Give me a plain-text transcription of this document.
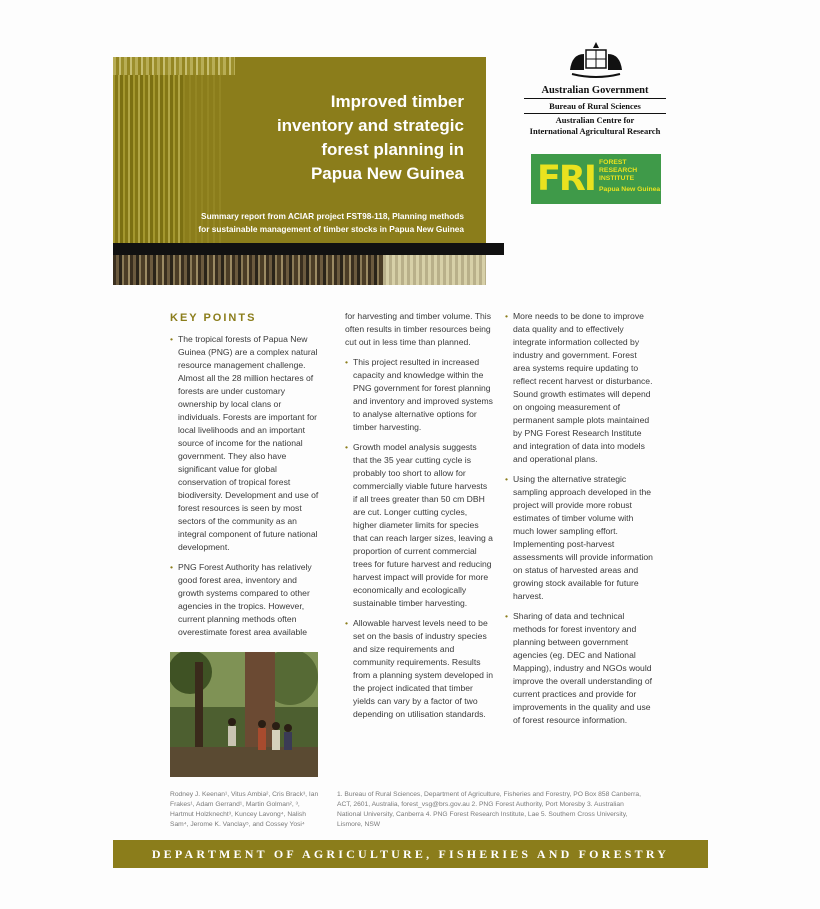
Improved timber
inventory and strategic
forest planning in
Papua New Guinea
Summary report from ACIAR project FST98-118, Planning methods
for sustainable management of timber stocks in Papua New Guinea
Australian Government
Bureau of Rural Sciences
Australian Centre for
International Agricultural Research
FRI FOREST
RESEARCH
INSTITUTE
Papua New Guinea
KEY POINTS
• The tropical forests of Papua New Guinea (PNG) are a complex natural resource management challenge. Almost all the 28 million hectares of forests are under customary ownership by local clans or individuals. Forests are important for local livelihoods and an important source of income for the national government. They also have significant value for global conservation of tropical forest biodiversity. Development and use of forest resources is seen by most sectors of the community as an integral component of future national development.
• PNG Forest Authority has relatively good forest area, inventory and growth systems compared to other agencies in the tropics. However, current planning methods often overestimate forest area available
for harvesting and timber volume. This often results in timber resources being cut out in less time than planned.
• This project resulted in increased capacity and knowledge within the PNG government for forest planning and inventory and improved systems to analyse alternative options for timber harvesting.
• Growth model analysis suggests that the 35 year cutting cycle is probably too short to allow for commercially viable future harvests if all trees greater than 50 cm DBH are cut. Longer cutting cycles, higher diameter limits for species that can reach larger sizes, leaving a proportion of current commercial trees for future harvest and reducing harvest impact will provide for more economically and ecologically sustainable timber harvesting.
• Allowable harvest levels need to be set on the basis of industry species and size requirements and community requirements. Results from a planning system developed in the project indicated that timber yields can vary by a factor of two depending on utilisation standards.
• More needs to be done to improve data quality and to effectively integrate information collected by industry and government. Forest area systems require updating to reflect recent harvest or disturbance. Sound growth estimates will depend on ongoing measurement of permanent sample plots maintained by PNG Forest Research Institute and integration of data into models and operational plans.
• Using the alternative strategic sampling approach developed in the project will provide more robust estimates of timber volume with much lower sampling effort. Implementing post-harvest assessments will provide information on status of harvested areas and growing stock available for future harvest.
• Sharing of data and technical methods for forest inventory and planning between government agencies (eg. DEC and National Mapping), industry and NGOs would improve the overall understanding of current practices and provide for improvements in the quality and use of forest resource information.
Rodney J. Keenan¹, Vitus Ambia², Cris Brack³, Ian Frakes¹, Adam Gerrand¹, Martin Golman², ³, Hartmut Holzknecht³, Kuncey Lavong⁴, Nalish Sam⁴, Jerome K. Vanclay⁵, and Cossey Yosi⁴
1. Bureau of Rural Sciences, Department of Agriculture, Fisheries and Forestry, PO Box 858 Canberra, ACT, 2601, Australia, forest_vsg@brs.gov.au 2. PNG Forest Authority, Port Moresby 3. Australian National University, Canberra 4. PNG Forest Research Institute, Lae 5. Southern Cross University, Lismore, NSW
DEPARTMENT OF AGRICULTURE, FISHERIES AND FORESTRY
